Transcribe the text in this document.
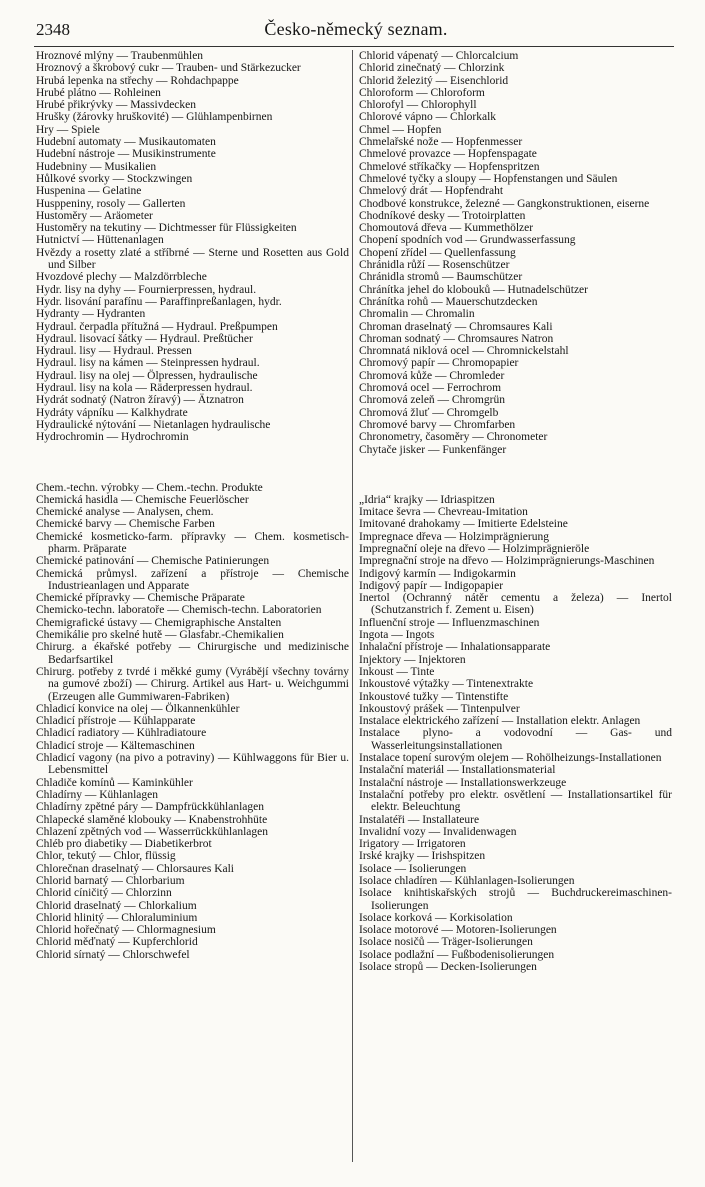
2348	Česko-německý seznam.

Hroznové mlýny — Traubenmühlen

Hroznový a škrobový cukr — Trauben- und Stärkezucker

Hrubá lepenka na střechy — Rohdachpappe

Hrubé plátno — Rohleinen

Hrubé přikrývky — Massivdecken

Hrušky (žárovky hruškovité) — Glühlampenbirnen

Hry — Spiele

Hudební automaty — Musikautomaten

Hudební nástroje — Musikinstrumente

Hudebniny — Musikalien

Hůlkové svorky — Stockzwingen

Huspenina — Gelatine

Husppeniny, rosoly — Gallerten

Hustoměry — Aräometer

Hustoměry na tekutiny — Dichtmesser für Flüssigkeiten

Hutnictví — Hüttenanlagen

Hvězdy a rosetty zlaté a stříbrné — Sterne und Rosetten aus Gold und Silber

Hvozdové plechy — Malzdörrbleche

Hydr. lisy na dyhy — Fournierpressen, hydraul.

Hydr. lisování parafínu — Paraffinpreßanlagen, hydr.

Hydranty — Hydranten

Hydraul. čerpadla přítužná — Hydraul. Preßpumpen

Hydraul. lisovací šátky — Hydraul. Preßtücher

Hydraul. lisy — Hydraul. Pressen

Hydraul. lisy na kámen — Steinpressen hydraul.

Hydraul. lisy na olej — Ölpressen, hydraulische

Hydraul. lisy na kola — Räderpressen hydraul.

Hydrát sodnatý (Natron žíravý) — Ätznatron

Hydráty vápníku — Kalkhydrate

Hydraulické nýtování — Nietanlagen hydraulische

Hydrochromin — Hydrochromin

Chem.-techn. výrobky — Chem.-techn. Produkte

Chemická hasidla — Chemische Feuerlöscher

Chemické analyse — Analysen, chem.

Chemické barvy — Chemische Farben

Chemické kosmeticko-farm. přípravky — Chem. kosmetisch-pharm. Präparate

Chemické patinování — Chemische Patinierungen

Chemická průmysl. zařízení a přístroje — Chemische Industrieanlagen und Apparate

Chemické přípravky — Chemische Präparate

Chemicko-techn. laboratoře — Chemisch-techn. Laboratorien

Chemigrafické ústavy — Chemigraphische Anstalten

Chemikálie pro skelné hutě — Glasfabr.-Chemikalien

Chirurg. a ékařské potřeby — Chirurgische und medizinische Bedarfsartikel

Chirurg. potřeby z tvrdé i měkké gumy (Vyrábějí všechny továrny na gumové zboží) — Chirurg. Artikel aus Hart- u. Weichgummi (Erzeugen alle Gummiwaren-Fabriken)

Chladicí konvice na olej — Ölkannenkühler

Chladicí přístroje — Kühlapparate

Chladicí radiatory — Kühlradiatoure

Chladicí stroje — Kältemaschinen

Chladicí vagony (na pivo a potraviny) — Kühlwaggons für Bier u. Lebensmittel

Chladiče komínů — Kaminkühler

Chladírny — Kühlanlagen

Chladírny zpětné páry — Dampfrückkühlanlagen

Chlapecké slaměné klobouky — Knabenstrohhüte

Chlazení zpětných vod — Wasserrückkühlanlagen

Chléb pro diabetiky — Diabetikerbrot

Chlor, tekutý — Chlor, flüssig

Chlorečnan draselnatý — Chlorsaures Kali

Chlorid barnatý — Chlorbarium

Chlorid cíničitý — Chlorzinn

Chlorid draselnatý — Chlorkalium

Chlorid hlinitý — Chloraluminium

Chlorid hořečnatý — Chlormagnesium

Chlorid měďnatý — Kupferchlorid

Chlorid sírnatý — Chlorschwefel

Chlorid vápenatý — Chlorcalcium

Chlorid zinečnatý — Chlorzink

Chlorid železitý — Eisenchlorid

Chloroform — Chloroform

Chlorofyl — Chlorophyll

Chlorové vápno — Chlorkalk

Chmel — Hopfen

Chmelařské nože — Hopfenmesser

Chmelové provazce — Hopfenspagate

Chmelové stříkačky — Hopfenspritzen

Chmelové tyčky a sloupy — Hopfenstangen und Säulen

Chmelový drát — Hopfendraht

Chodbové konstrukce, železné — Gangkonstruktionen, eiserne

Chodníkové desky — Trotoirplatten

Chomoutová dřeva — Kummethölzer

Chopení spodních vod — Grundwasserfassung

Chopení zřídel — Quellenfassung

Chránidla růží — Rosenschützer

Chránidla stromů — Baumschützer

Chránítka jehel do klobouků — Hutnadelschützer

Chránítka rohů — Mauerschutzdecken

Chromalin — Chromalin

Chroman draselnatý — Chromsaures Kali

Chroman sodnatý — Chromsaures Natron

Chromnatá niklová ocel — Chromnickelstahl

Chromový papír — Chromopapier

Chromová kůže — Chromleder

Chromová ocel — Ferrochrom

Chromová zeleň — Chromgrün

Chromová žluť — Chromgelb

Chromové barvy — Chromfarben

Chronometry, časoměry — Chronometer

Chytače jisker — Funkenfänger

„Idria“ krajky — Idriaspitzen

Imitace ševra — Chevreau-Imitation

Imitované drahokamy — Imitierte Edelsteine

Impregnace dřeva — Holzimprägnierung

Impregnační oleje na dřevo — Holzimprägnieröle

Impregnační stroje na dřevo — Holzimprägnierungs-Maschinen

Indigový karmín — Indigokarmin

Indigový papír — Indigopapier

Inertol (Ochranný nátěr cementu a železa) — Inertol (Schutzanstrich f. Zement u. Eisen)

Influenční stroje — Influenzmaschinen

Ingota — Ingots

Inhalační přístroje — Inhalationsapparate

Injektory — Injektoren

Inkoust — Tinte

Inkoustové výtažky — Tintenextrakte

Inkoustové tužky — Tintenstifte

Inkoustový prášek — Tintenpulver

Instalace elektrického zařízení — Installation elektr. Anlagen

Instalace plyno- a vodovodní — Gas- und Wasserleitungsinstallationen

Instalace topení surovým olejem — Rohölheizungs-Installationen

Instalační materiál — Installationsmaterial

Instalační nástroje — Installationswerkzeuge

Instalační potřeby pro elektr. osvětlení — Installationsartikel für elektr. Beleuchtung

Instalatéři — Installateure

Invalidní vozy — Invalidenwagen

Irigatory — Irrigatoren

Irské krajky — Irishspitzen

Isolace — Isolierungen

Isolace chladíren — Kühlanlagen-Isolierungen

Isolace knihtiskařských strojů — Buchdruckereimaschinen-Isolierungen

Isolace korková — Korkisolation

Isolace motorové — Motoren-Isolierungen

Isolace nosičů — Träger-Isolierungen

Isolace podlažní — Fußbodenisolierungen

Isolace stropů — Decken-Isolierungen
